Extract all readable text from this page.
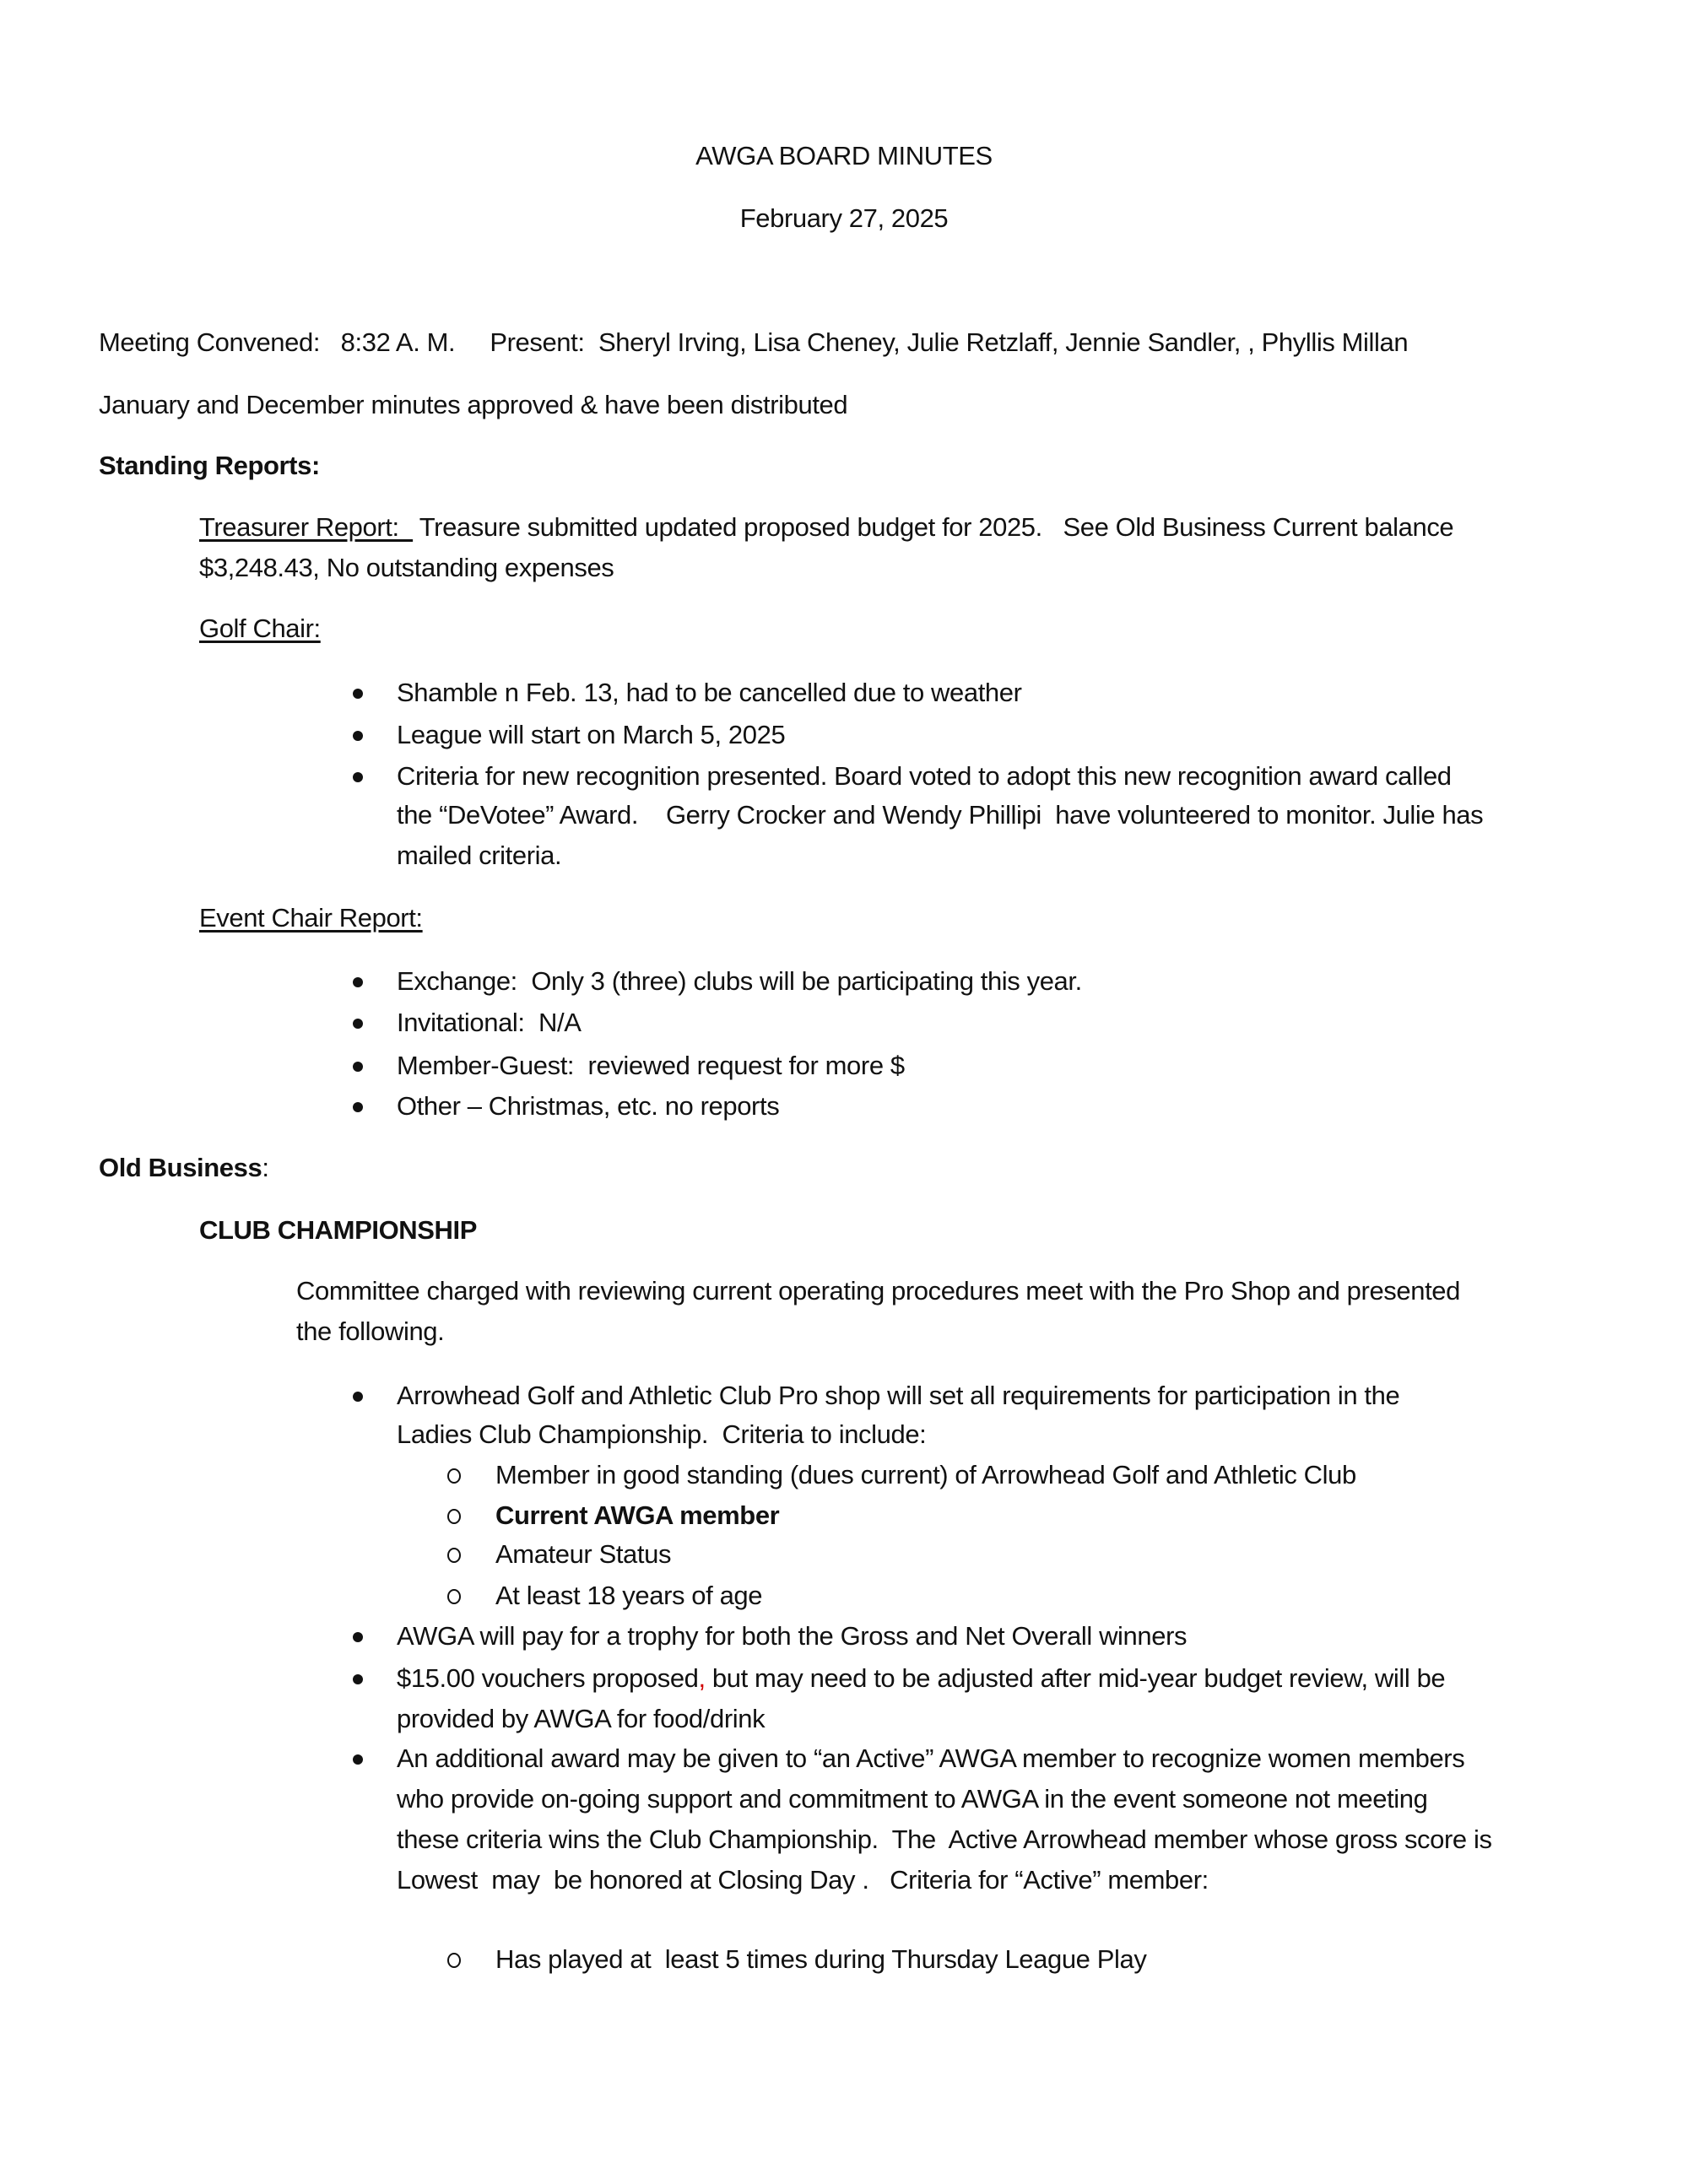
AWGA BOARD MINUTES
February 27, 2025
Meeting Convened:   8:32 A. M.     Present:  Sheryl Irving, Lisa Cheney, Julie Retzlaff, Jennie Sandler, , Phyllis Millan
January and December minutes approved & have been distributed
Standing Reports:
Treasurer Report:   Treasure submitted updated proposed budget for 2025.   See Old Business Current balance
$3,248.43, No outstanding expenses
Golf Chair:
Shamble n Feb. 13, had to be cancelled due to weather
League will start on March 5, 2025
Criteria for new recognition presented. Board voted to adopt this new recognition award called
the “DeVotee” Award.    Gerry Crocker and Wendy Phillipi  have volunteered to monitor. Julie has
mailed criteria.
Event Chair Report:
Exchange:  Only 3 (three) clubs will be participating this year.
Invitational:  N/A
Member-Guest:  reviewed request for more $
Other – Christmas, etc. no reports
Old Business:
CLUB CHAMPIONSHIP
Committee charged with reviewing current operating procedures meet with the Pro Shop and presented
the following.
Arrowhead Golf and Athletic Club Pro shop will set all requirements for participation in the
Ladies Club Championship.  Criteria to include:
Member in good standing (dues current) of Arrowhead Golf and Athletic Club
Current AWGA member
Amateur Status
At least 18 years of age
AWGA will pay for a trophy for both the Gross and Net Overall winners
$15.00 vouchers proposed, but may need to be adjusted after mid-year budget review, will be
provided by AWGA for food/drink
An additional award may be given to “an Active” AWGA member to recognize women members
who provide on-going support and commitment to AWGA in the event someone not meeting
these criteria wins the Club Championship.  The  Active Arrowhead member whose gross score is
Lowest  may  be honored at Closing Day .   Criteria for “Active” member:
Has played at  least 5 times during Thursday League Play
